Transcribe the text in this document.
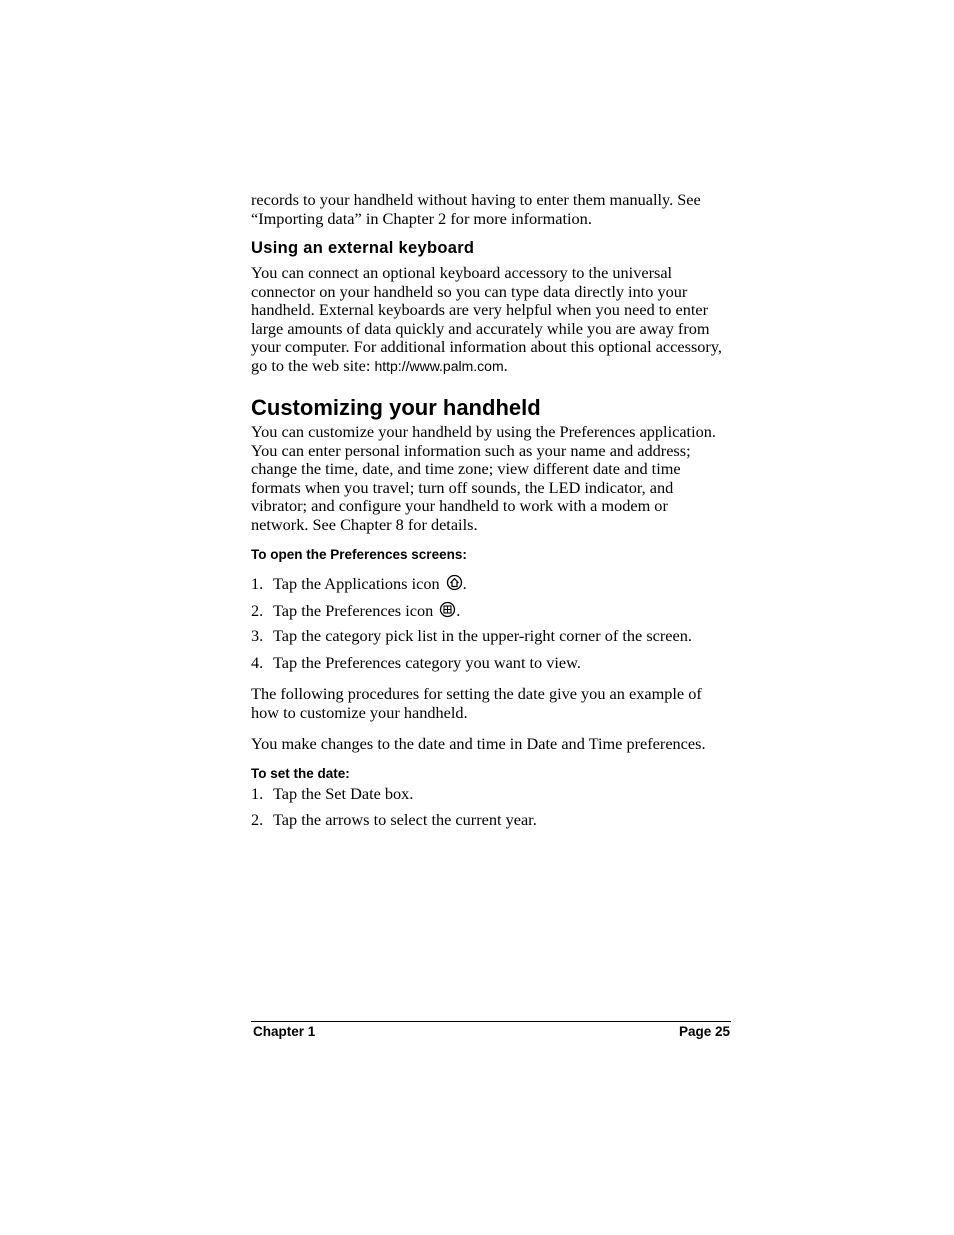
records to your handheld without having to enter them manually. See

“Importing data” in Chapter 2 for more information.

Using an external keyboard

You can connect an optional keyboard accessory to the universal connector on your handheld so you can type data directly into your handheld. External keyboards are very helpful when you need to enter large amounts of data quickly and accurately while you are away from your computer. For additional information about this optional accessory, go to the web site: http://www.palm.com.

Customizing your handheld

You can customize your handheld by using the Preferences application. You can enter personal information such as your name and address; change the time, date, and time zone; view different date and time formats when you travel; turn off sounds, the LED indicator, and vibrator; and configure your handheld to work with a modem or network. See Chapter 8 for details.

To open the Preferences screens:
1. Tap the Applications icon .
2. Tap the Preferences icon .
3. Tap the category pick list in the upper-right corner of the screen.
4. Tap the Preferences category you want to view.

The following procedures for setting the date give you an example of how to customize your handheld.

You make changes to the date and time in Date and Time preferences.

To set the date:
1. Tap the Set Date box.
2. Tap the arrows to select the current year.
Chapter 1	Page 25
